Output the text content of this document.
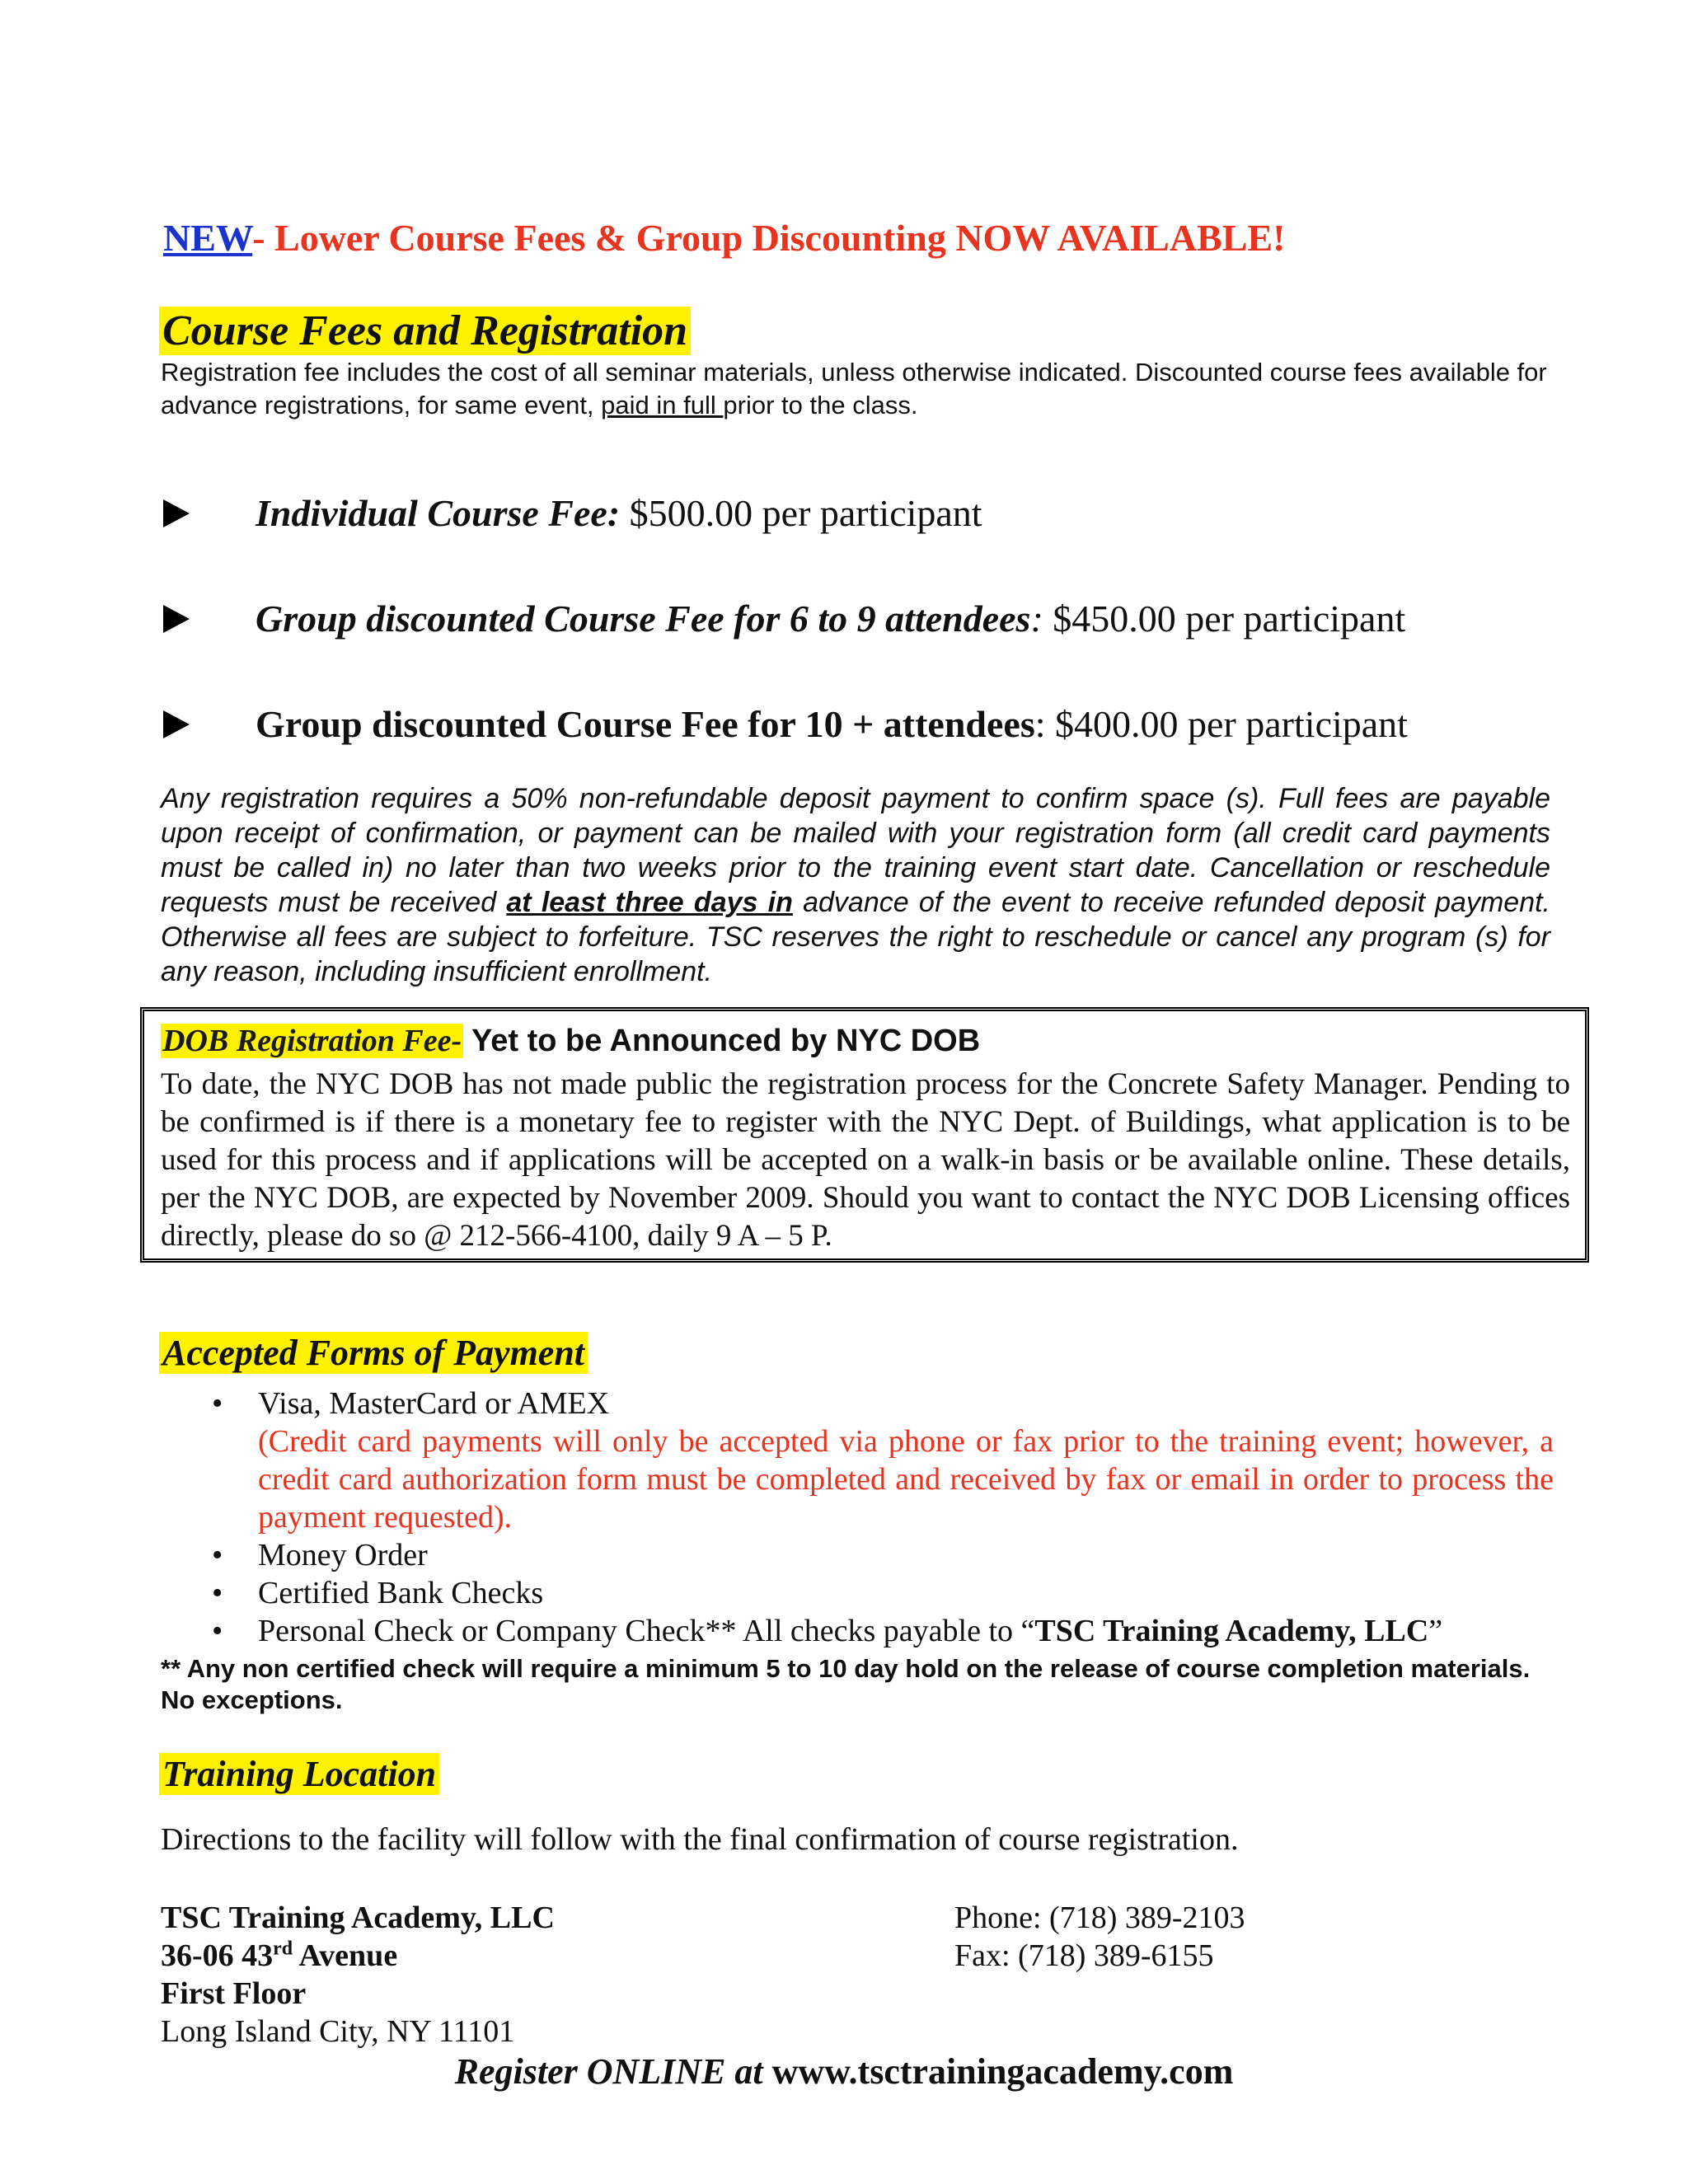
NEW- Lower Course Fees & Group Discounting NOW AVAILABLE!
Course Fees and Registration
Registration fee includes the cost of all seminar materials, unless otherwise indicated. Discounted course fees available for advance registrations, for same event, paid in full prior to the class.
Individual Course Fee: $500.00 per participant
Group discounted Course Fee for 6 to 9 attendees: $450.00 per participant
Group discounted Course Fee for 10 + attendees: $400.00 per participant
Any registration requires a 50% non-refundable deposit payment to confirm space (s). Full fees are payable upon receipt of confirmation, or payment can be mailed with your registration form (all credit card payments must be called in) no later than two weeks prior to the training event start date. Cancellation or reschedule requests must be received at least three days in advance of the event to receive refunded deposit payment. Otherwise all fees are subject to forfeiture. TSC reserves the right to reschedule or cancel any program (s) for any reason, including insufficient enrollment.
DOB Registration Fee- Yet to be Announced by NYC DOB
To date, the NYC DOB has not made public the registration process for the Concrete Safety Manager. Pending to be confirmed is if there is a monetary fee to register with the NYC Dept. of Buildings, what application is to be used for this process and if applications will be accepted on a walk-in basis or be available online. These details, per the NYC DOB, are expected by November 2009. Should you want to contact the NYC DOB Licensing offices directly, please do so @ 212-566-4100, daily 9 A – 5 P.
Accepted Forms of Payment
• Visa, MasterCard or AMEX
(Credit card payments will only be accepted via phone or fax prior to the training event; however, a credit card authorization form must be completed and received by fax or email in order to process the payment requested).
• Money Order
• Certified Bank Checks
• Personal Check or Company Check** All checks payable to “TSC Training Academy, LLC”
** Any non certified check will require a minimum 5 to 10 day hold on the release of course completion materials. No exceptions.
Training Location
Directions to the facility will follow with the final confirmation of course registration.
TSC Training Academy, LLC
36-06 43rd Avenue
First Floor
Long Island City, NY 11101
Phone: (718) 389-2103
Fax: (718) 389-6155
Register ONLINE at www.tsctrainingacademy.com
